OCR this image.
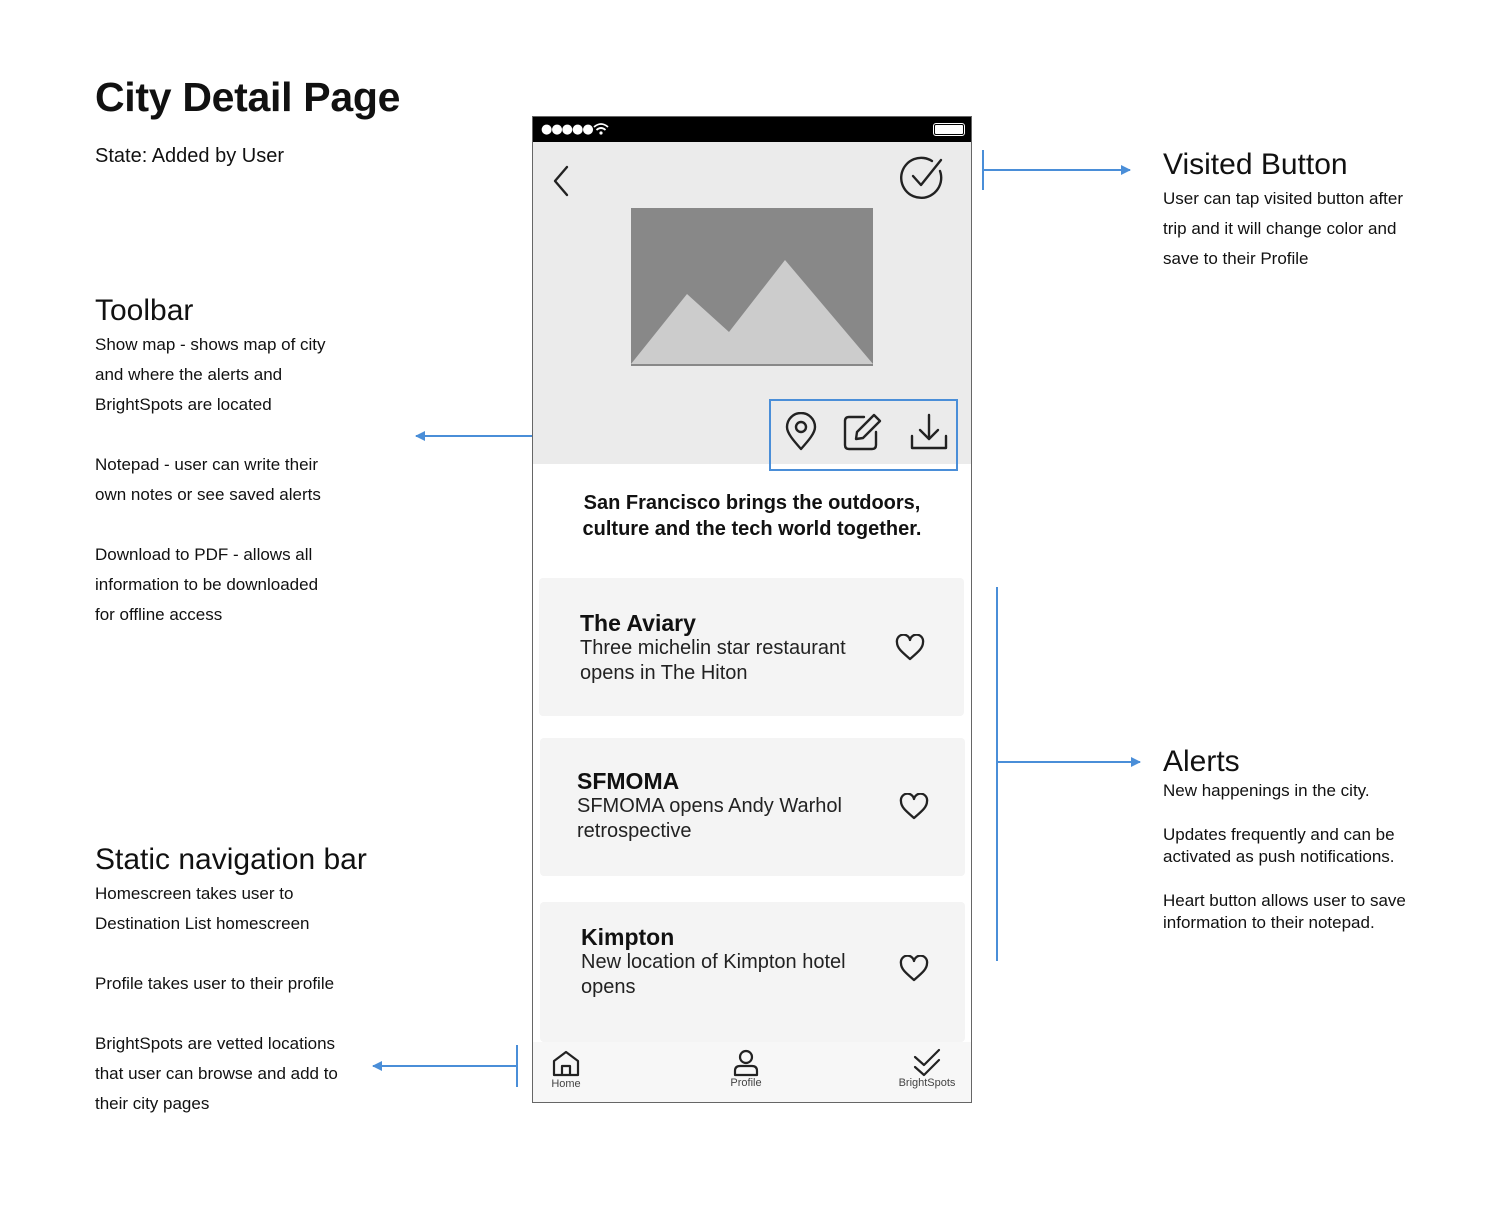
City Detail Page
State: Added by User
Toolbar
Show map - shows map of city
and where the alerts and
BrightSpots are located
Notepad - user can write their
own notes or see saved alerts
Download to PDF - allows all
information to be downloaded
for offline access
Static navigation bar
Homescreen takes user to
Destination List homescreen
Profile takes user to their profile
BrightSpots are vetted locations
that user can browse and add to
their city pages
Visited Button
User can tap visited button after
trip and it will change color and
save to their Profile
Alerts
New happenings in the city.
Updates frequently and can be
activated as push notifications.
Heart button allows user to save
information to their notepad.
●●●●●
San Francisco brings the outdoors,
culture and the tech world together.
The Aviary
Three michelin star restaurant
opens in The Hiton
SFMOMA
SFMOMA opens Andy Warhol
retrospective
Kimpton
New location of Kimpton hotel
opens
Home	Profile	BrightSpots
